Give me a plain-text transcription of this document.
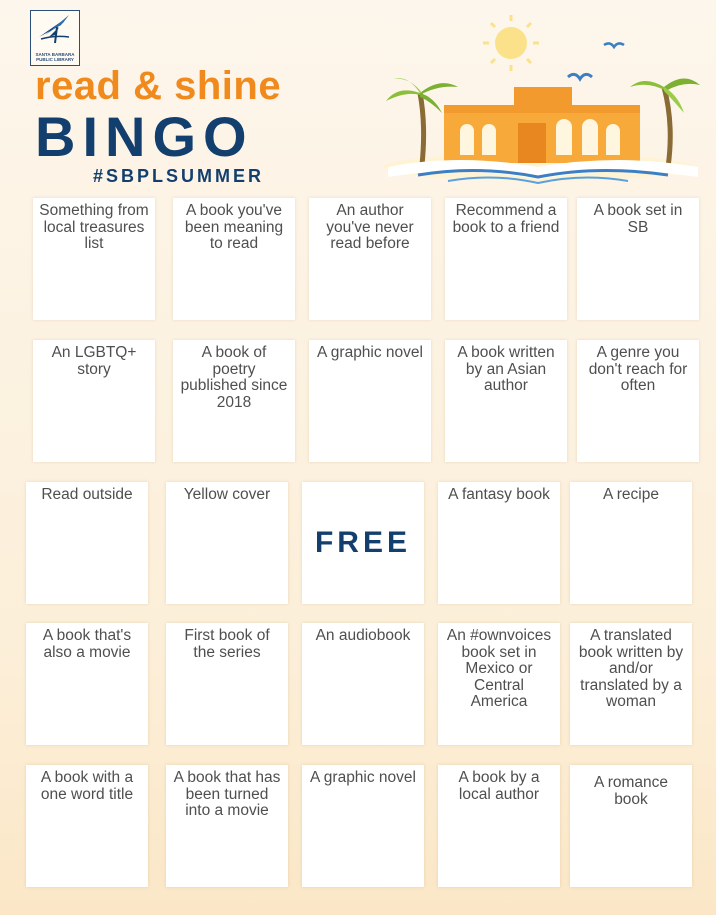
SANTA BARBARA
PUBLIC LIBRARY
read & shine
BINGO
#SBPLSUMMER
Something from local treasures list
A book you've been meaning to read
An author you've never read before
Recommend a book to a friend
A book set in SB
An LGBTQ+ story
A book of poetry published since 2018
A graphic novel	A book written by an Asian author
A genre you don't reach for often
Read outside	Yellow cover
FREE
A fantasy book	A recipe
A book that's also a movie
First book of the series
An audiobook	An #ownvoices book set in Mexico or Central America
A translated book written by and/or translated by a woman
A book with a one word title
A book that has been turned into a movie
A graphic novel	A book by a local author
A romance book
